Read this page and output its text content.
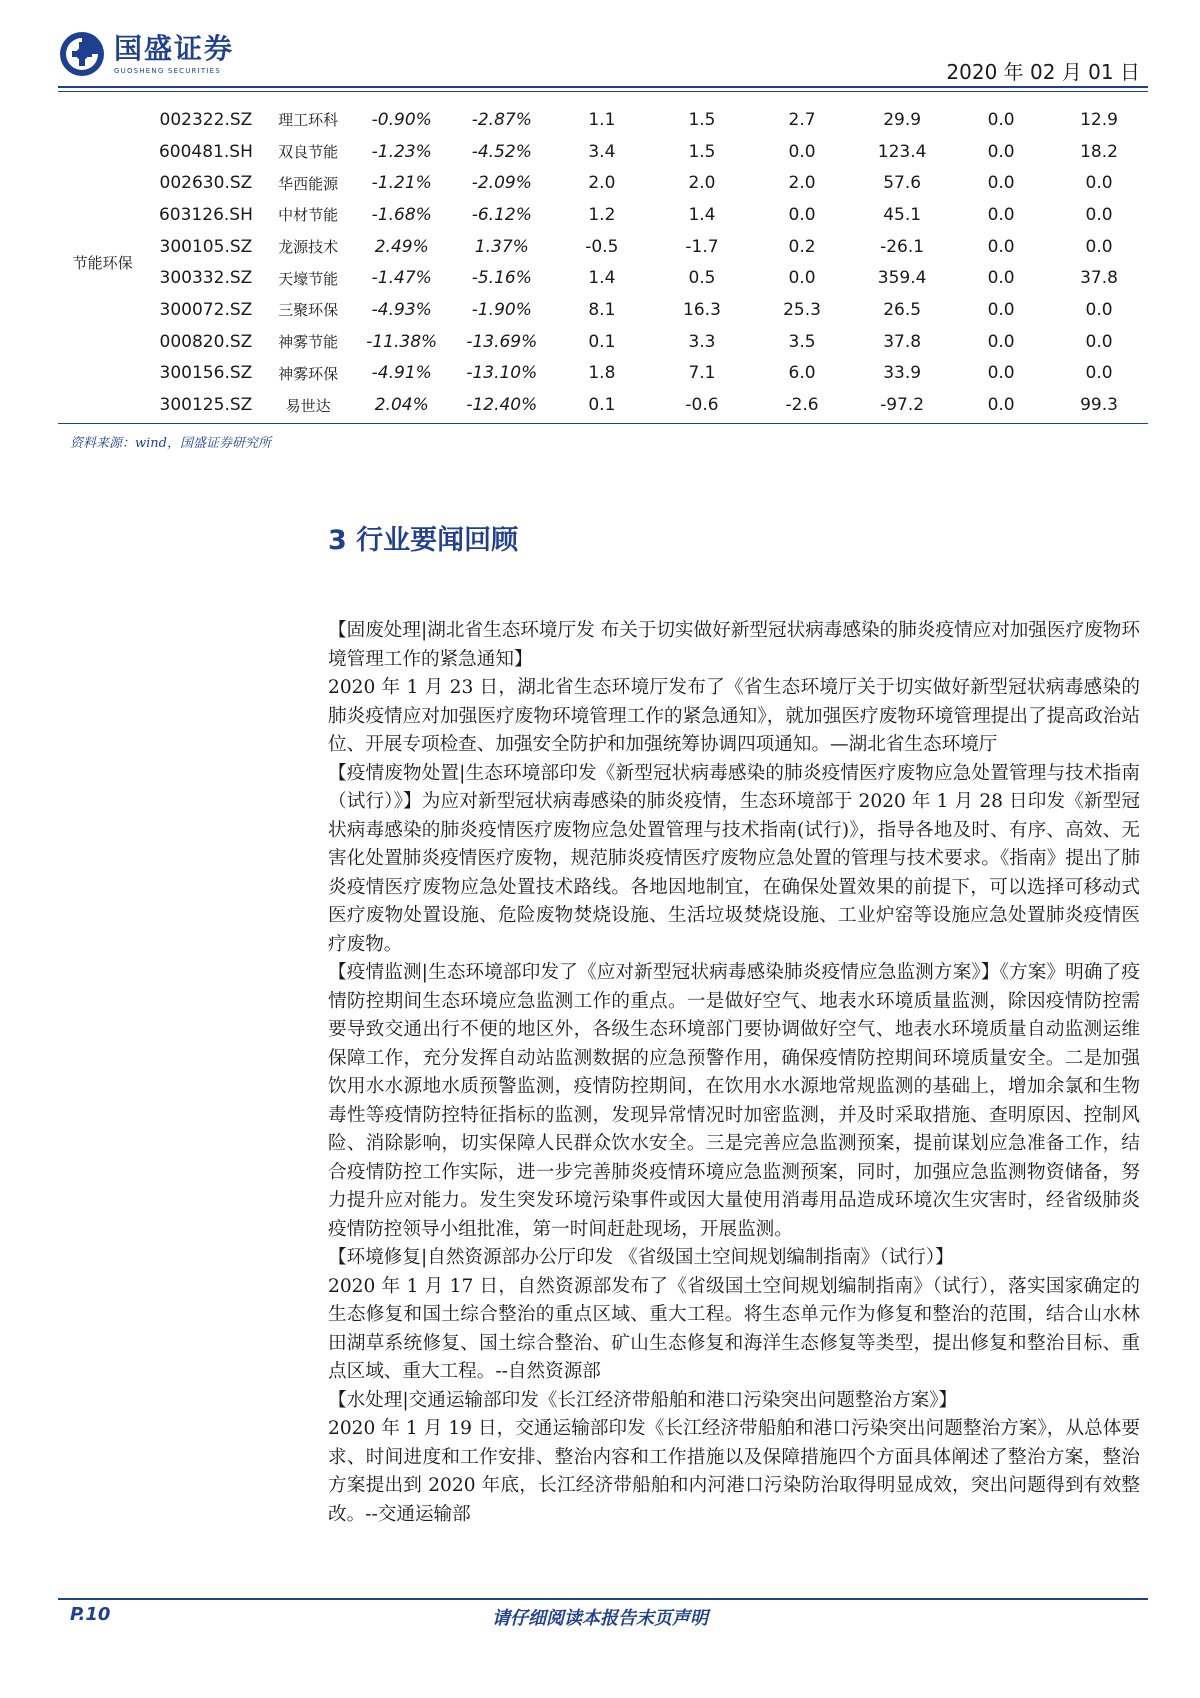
国盛证券
GUOSHENG SECURITIES	2020 年 02 月 01 日
节能环保	002322.SZ	理工环科	-0.90%	-2.87%	1.1	1.5	2.7	29.9	0.0	12.9
	600481.SH	双良节能	-1.23%	-4.52%	3.4	1.5	0.0	123.4	0.0	18.2
	002630.SZ	华西能源	-1.21%	-2.09%	2.0	2.0	2.0	57.6	0.0	0.0
	603126.SH	中材节能	-1.68%	-6.12%	1.2	1.4	0.0	45.1	0.0	0.0
	300105.SZ	龙源技术	2.49%	1.37%	-0.5	-1.7	0.2	-26.1	0.0	0.0
	300332.SZ	天壕节能	-1.47%	-5.16%	1.4	0.5	0.0	359.4	0.0	37.8
	300072.SZ	三聚环保	-4.93%	-1.90%	8.1	16.3	25.3	26.5	0.0	0.0
	000820.SZ	神雾节能	-11.38%	-13.69%	0.1	3.3	3.5	37.8	0.0	0.0
	300156.SZ	神雾环保	-4.91%	-13.10%	1.8	7.1	6.0	33.9	0.0	0.0
	300125.SZ	易世达	2.04%	-12.40%	0.1	-0.6	-2.6	-97.2	0.0	99.3
资料来源：wind，国盛证券研究所
3 行业要闻回顾

【固废处理|湖北省生态环境厅发 布关于切实做好新型冠状病毒感染的肺炎疫情应对加强医疗废物环境管理工作的紧急通知】

2020 年 1 月 23 日，湖北省生态环境厅发布了《省生态环境厅关于切实做好新型冠状病毒感染的肺炎疫情应对加强医疗废物环境管理工作的紧急通知》，就加强医疗废物环境管理提出了提高政治站位、开展专项检查、加强安全防护和加强统筹协调四项通知。—湖北省生态环境厅

【疫情废物处置|生态环境部印发《新型冠状病毒感染的肺炎疫情医疗废物应急处置管理与技术指南（试行）》】为应对新型冠状病毒感染的肺炎疫情，生态环境部于 2020 年 1 月 28 日印发《新型冠状病毒感染的肺炎疫情医疗废物应急处置管理与技术指南(试行)》，指导各地及时、有序、高效、无害化处置肺炎疫情医疗废物，规范肺炎疫情医疗废物应急处置的管理与技术要求。《指南》提出了肺炎疫情医疗废物应急处置技术路线。各地因地制宜，在确保处置效果的前提下，可以选择可移动式医疗废物处置设施、危险废物焚烧设施、生活垃圾焚烧设施、工业炉窑等设施应急处置肺炎疫情医疗废物。

【疫情监测|生态环境部印发了《应对新型冠状病毒感染肺炎疫情应急监测方案》】《方案》明确了疫情防控期间生态环境应急监测工作的重点。一是做好空气、地表水环境质量监测，除因疫情防控需要导致交通出行不便的地区外，各级生态环境部门要协调做好空气、地表水环境质量自动监测运维保障工作，充分发挥自动站监测数据的应急预警作用，确保疫情防控期间环境质量安全。二是加强饮用水水源地水质预警监测，疫情防控期间，在饮用水水源地常规监测的基础上，增加余氯和生物毒性等疫情防控特征指标的监测，发现异常情况时加密监测，并及时采取措施、查明原因、控制风险、消除影响，切实保障人民群众饮水安全。三是完善应急监测预案，提前谋划应急准备工作，结合疫情防控工作实际，进一步完善肺炎疫情环境应急监测预案，同时，加强应急监测物资储备，努力提升应对能力。发生突发环境污染事件或因大量使用消毒用品造成环境次生灾害时，经省级肺炎疫情防控领导小组批准，第一时间赶赴现场，开展监测。

【环境修复|自然资源部办公厅印发 《省级国土空间规划编制指南》（试行）】

2020 年 1 月 17 日，自然资源部发布了《省级国土空间规划编制指南》（试行），落实国家确定的生态修复和国土综合整治的重点区域、重大工程。将生态单元作为修复和整治的范围，结合山水林田湖草系统修复、国土综合整治、矿山生态修复和海洋生态修复等类型，提出修复和整治目标、重点区域、重大工程。--自然资源部

【水处理|交通运输部印发《长江经济带船舶和港口污染突出问题整治方案》】

2020 年 1 月 19 日，交通运输部印发《长江经济带船舶和港口污染突出问题整治方案》，从总体要求、时间进度和工作安排、整治内容和工作措施以及保障措施四个方面具体阐述了整治方案，整治方案提出到 2020 年底，长江经济带船舶和内河港口污染防治取得明显成效，突出问题得到有效整改。--交通运输部

请仔细阅读本报告末页声明
P.10
